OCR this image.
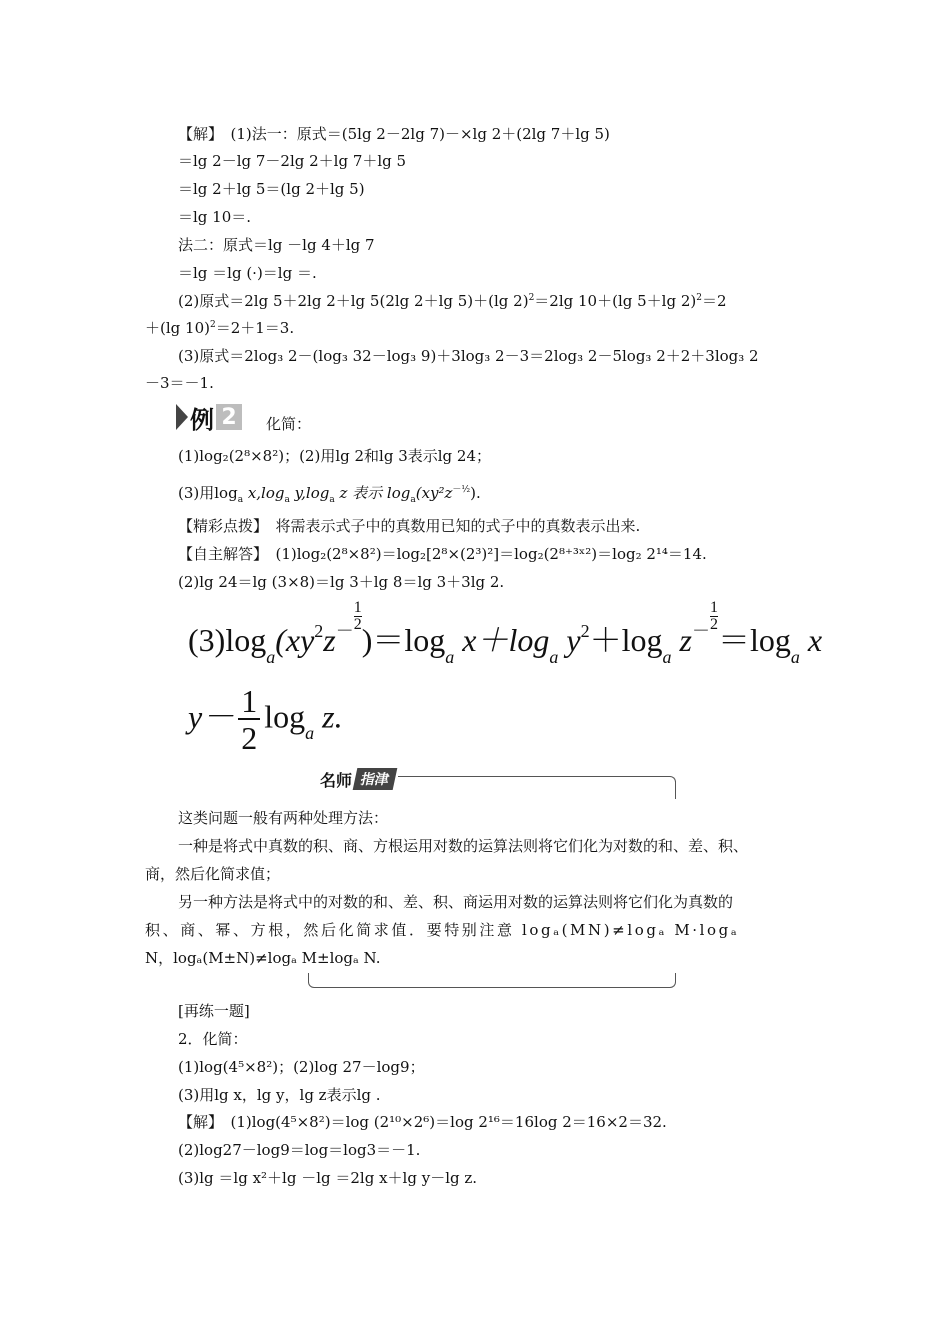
【解】　(1)法一：原式＝(5lg 2－2lg 7)－×lg 2＋(2lg 7＋lg 5)
＝lg 2－lg 7－2lg 2＋lg 7＋lg 5
＝lg 2＋lg 5＝(lg 2＋lg 5)
＝lg 10＝.
法二：原式＝lg －lg 4＋lg 7
＝lg ＝lg (·)＝lg ＝.
(2)原式＝2lg 5＋2lg 2＋lg 5(2lg 2＋lg 5)＋(lg 2)$^2$＝2lg 10＋(lg 5＋lg 2)$^2$＝2
＋(lg 10)$^2$＝2＋1＝3.
(3)原式＝2log₃ 2－(log₃ 32－log₃ 9)＋3log₃ 2－3＝2log₃ 2－5log₃ 2＋2＋3log₃ 2
－3＝－1.
例 2	化简：
(1)log₂(2⁸×8²)；(2)用lg 2和lg 3表示lg 24；
(3)用$\log_a x,\log_a$ $y,\log_a$ z 表示 $\log_a(xy^2z^{-\frac{1}{2}})$.
【精彩点拨】　将需表示式子中的真数用已知的式子中的真数表示出来.
【自主解答】　(1)log₂(2⁸×8²)＝log₂[2⁸×(2³)²]＝log₂(2⁸⁺³ˣ²)＝log₂ 2¹⁴＝14.
(2)lg 24＝lg (3×8)＝lg 3＋lg 8＝lg 3＋3lg 2.
$(3)\log_a(xy^2z^- \frac{1}{2}$
)$=\log_a$ $x+\log_a$ $y^2+\log_a$ $z^- \frac{1}{2}$
$=\log_a$ x
$y- \frac{1}{2} \log_a z$.
名师 指津
这类问题一般有两种处理方法：
一种是将式中真数的积、商、方根运用对数的运算法则将它们化为对数的和、差、积、
商，然后化简求值；
另一种方法是将式中的对数的和、差、积、商运用对数的运算法则将它们化为真数的
积、商、幂、方根，然后化简求值．要特别注意 logₐ(MN)≠logₐ M·logₐ
N，logₐ(M±N)≠logₐ M±logₐ N.
[再练一题]
2．化简：
(1)log(4⁵×8²)；(2)log 27－log9；
(3)用lg x，lg y，lg z表示lg .
【解】　(1)log(4⁵×8²)＝log (2¹⁰×2⁶)＝log 2¹⁶＝16log 2＝16×2＝32.
(2)log27－log9＝log＝log3＝－1.
(3)lg ＝lg x²＋lg －lg ＝2lg x＋lg y－lg z.
